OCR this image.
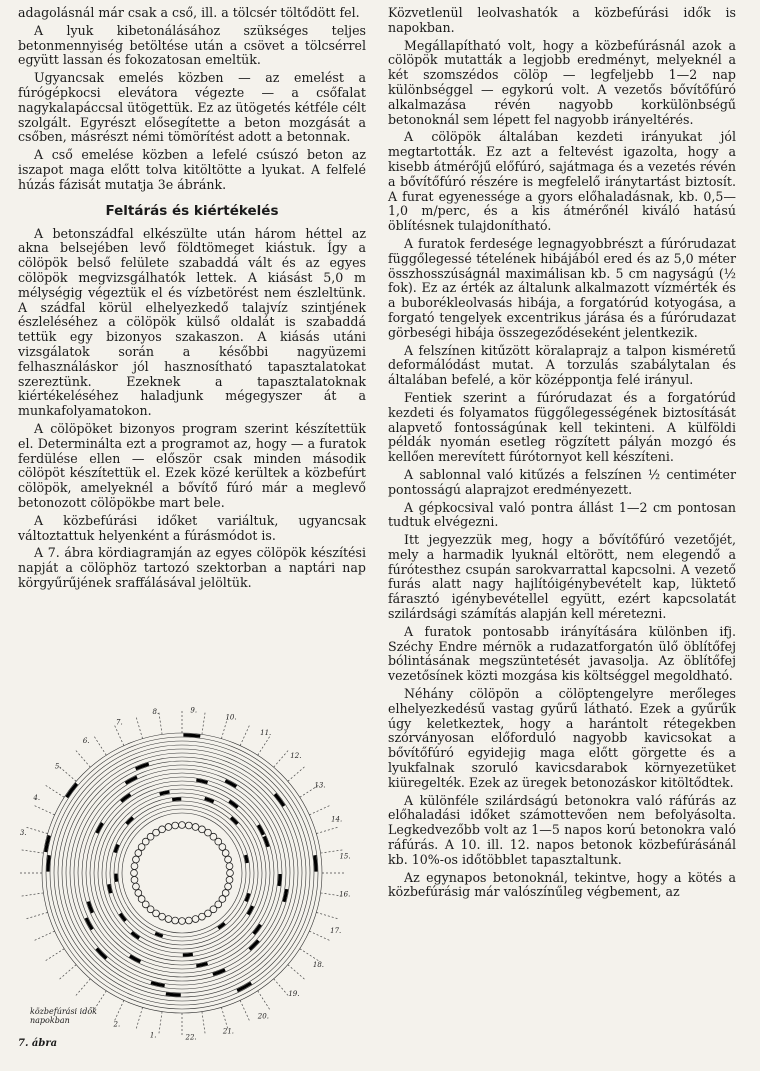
adagolásnál már csak a cső, ill. a tölcsér töltődött fel.

A lyuk kibetonálásához szükséges teljes betonmennyiség betöltése után a csövet a tölcsérrel együtt lassan és fokozatosan emeltük.

Ugyancsak emelés közben — az emelést a fúrógépkocsi elevátora végezte — a csőfalat nagykalapáccsal ütögettük. Ez az ütögetés kétféle célt szolgált. Egyrészt elősegítette a beton mozgását a csőben, másrészt némi tömörítést adott a betonnak.

A cső emelése közben a lefelé csúszó beton az iszapot maga előtt tolva kitöltötte a lyukat. A felfelé húzás fázisát mutatja 3e ábránk.

Feltárás és kiértékelés

A betonszádfal elkészülte után három héttel az akna belsejében levő földtömeget kiástuk. Így a cölöpök belső felülete szabaddá vált és az egyes cölöpök megvizsgálhatók lettek. A kiásást 5,0 m mélységig végeztük el és vízbetörést nem észleltünk. A szádfal körül elhelyezkedő talajvíz szintjének észleléséhez a cölöpök külső oldalát is szabaddá tettük egy bizonyos szakaszon. A kiásás utáni vizsgálatok során a későbbi nagyüzemi felhasználáskor jól hasznosítható tapasztalatokat szereztünk. Ezeknek a tapasztalatoknak kiértékeléséhez haladjunk mégegyszer át a munkafolyamatokon.

A cölöpöket bizonyos program szerint készítettük el. Determinálta ezt a programot az, hogy — a furatok ferdülése ellen — először csak minden második cölöpöt készítettük el. Ezek közé kerültek a közbefúrt cölöpök, amelyeknél a bővítő fúró már a meglevő betonozott cölöpökbe mart bele.

A közbefúrási időket variáltuk, ugyancsak változtattuk helyenként a fúrásmódot is.

A 7. ábra kördiagramján az egyes cölöpök készítési napját a cölöphöz tartozó szektorban a naptári nap körgyűrűjének sraffálásával jelöltük.

3.
4.
5.
6.
7.
8.	9.
10.
11.
12.
13.
14.
15.
16.
17.
18.
19.
20.
21.
22.
1.
2.
közbefúrási idők
napokban
7. ábra

Közvetlenül leolvashatók a közbefúrási idők is napokban.

Megállapítható volt, hogy a közbefúrásnál azok a cölöpök mutatták a legjobb eredményt, melyeknél a két szomszédos cölöp — legfeljebb 1—2 nap különbséggel — egykorú volt. A vezetős bővítőfúró alkalmazása révén nagyobb korkülönbségű betonoknál sem lépett fel nagyobb irányeltérés.

A cölöpök általában kezdeti irányukat jól megtartották. Ez azt a feltevést igazolta, hogy a kisebb átmérőjű előfúró, sajátmaga és a vezetés révén a bővítőfúró részére is megfelelő iránytartást biztosít. A furat egyenessége a gyors előhaladásnak, kb. 0,5—1,0 m/perc, és a kis átmérőnél kiváló hatású öblítésnek tulajdonítható.

A furatok ferdesége legnagyobbrészt a fúrórudazat függőlegessé tételének hibájából ered és az 5,0 méter összhosszúságnál maximálisan kb. 5 cm nagyságú (½ fok). Ez az érték az általunk alkalmazott vízmérték és a buborékleolvasás hibája, a forgatórúd kotyogása, a forgató tengelyek excentrikus járása és a fúrórudazat görbeségi hibája összegeződéseként jelentkezik.

A felszínen kitűzött köralaprajz a talpon kisméretű deformálódást mutat. A torzulás szabálytalan és általában befelé, a kör középpontja felé irányul.

Fentiek szerint a fúrórudazat és a forgatórúd kezdeti és folyamatos függőlegességének biztosítását alapvető fontosságúnak kell tekinteni. A külföldi példák nyomán esetleg rögzített pályán mozgó és kellően merevített fúrótornyot kell készíteni.

A sablonnal való kitűzés a felszínen ½ centiméter pontosságú alaprajzot eredményezett.

A gépkocsival való pontra állást 1—2 cm pontosan tudtuk elvégezni.

Itt jegyezzük meg, hogy a bővítőfúró vezetőjét, mely a harmadik lyuknál eltörött, nem elegendő a fúrótesthez csupán sarokvarrattal kapcsolni. A vezető furás alatt nagy hajlítóigénybevételt kap, lüktető fárasztó igénybevétellel együtt, ezért kapcsolatát szilárdsági számítás alapján kell méretezni.

A furatok pontosabb irányítására különben ifj. Széchy Endre mérnök a rudazatforgatón ülő öblítőfej bólintásának megszüntetését javasolja. Az öblítőfej vezetősínek közti mozgása kis költséggel megoldható.

Néhány cölöpön a cölöptengelyre merőleges elhelyezkedésű vastag gyűrű látható. Ezek a gyűrűk úgy keletkeztek, hogy a harántolt rétegekben szórványosan előforduló nagyobb kavicsokat a bővítőfúró egyidejig maga előtt görgette és a lyukfalnak szoruló kavicsdarabok környezetüket kiüregelték. Ezek az üregek betonozáskor kitöltődtek.

A különféle szilárdságú betonokra való ráfúrás az előhaladási időket számottevően nem befolyásolta. Legkedvezőbb volt az 1—5 napos korú betonokra való ráfúrás. A 10. ill. 12. napos betonok közbefúrásánál kb. 10%-os időtöbblet tapasztaltunk.

Az egynapos betonoknál, tekintve, hogy a kötés a közbefúrásig már valószínűleg végbement, az
